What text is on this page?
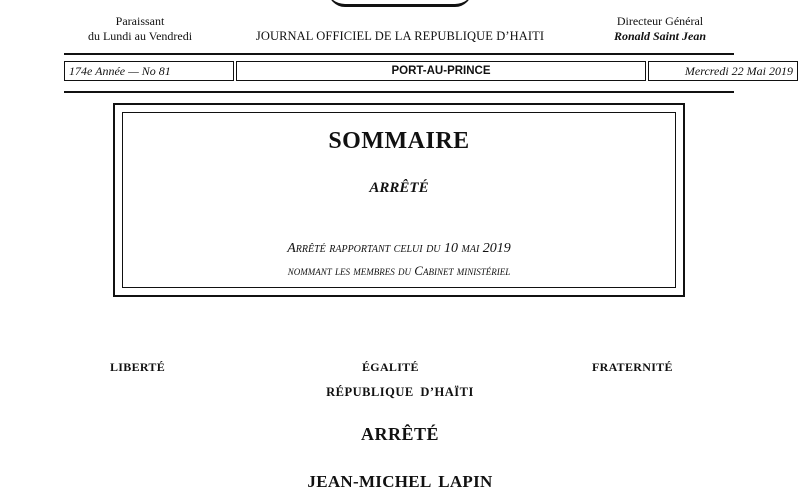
Paraissant
du Lundi au Vendredi	JOURNAL OFFICIEL DE LA REPUBLIQUE D’HAITI
Directeur Général
Ronald Saint Jean
174e Année — No 81	PORT-AU-PRINCE	Mercredi 22 Mai 2019
SOMMAIRE
ARRÊTÉ
Arrêté rapportant celui du 10 mai 2019
nommant les membres du Cabinet ministériel
LIBERTÉ	ÉGALITÉ	FRATERNITÉ
RÉPUBLIQUE D’HAÏTI
ARRÊTÉ
JEAN-MICHEL LAPIN
